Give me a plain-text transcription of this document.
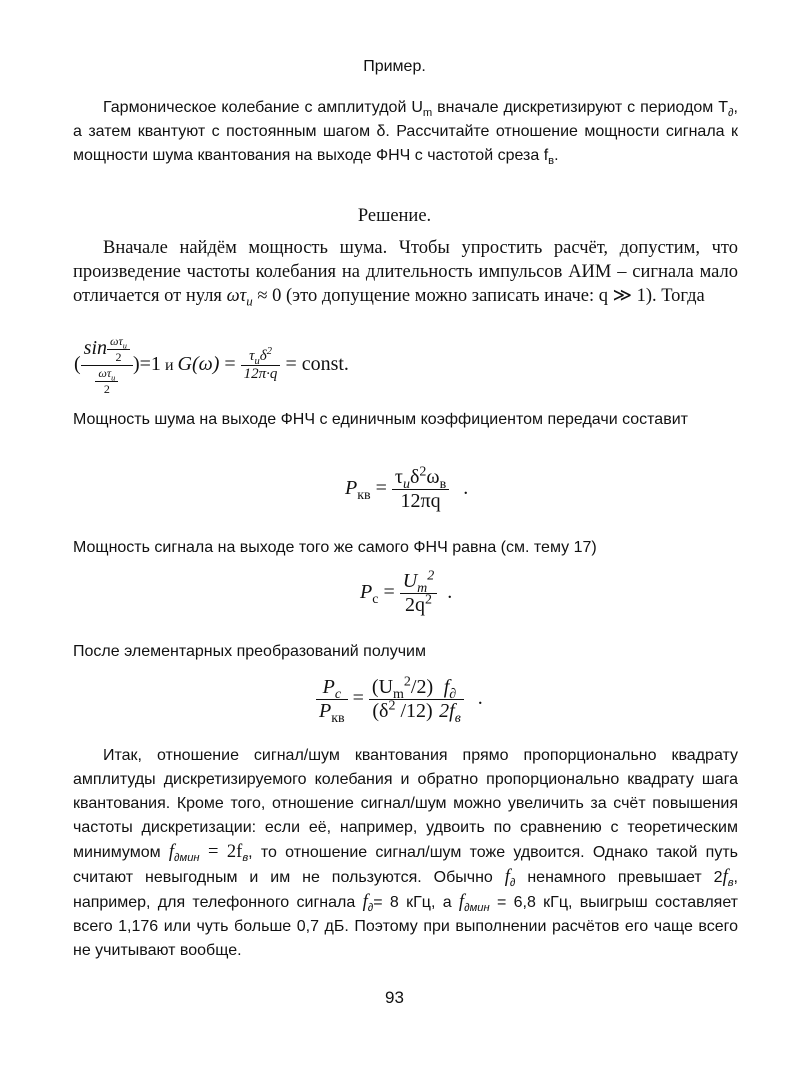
Пример.
Гармоническое колебание с амплитудой $U_m$ вначале дискретизируют с периодом $T_\partial$, а затем квантуют с постоянным шагом δ. Рассчитайте отношение мощности сигнала к мощности шума квантования на выходе ФНЧ с частотой среза $f_в$.
Решение.
Вначале найдём мощность шума. Чтобы упростить расчёт, допустим, что произведение частоты колебания на длительность импульсов АИМ – сигнала мало отличается от нуля $\omega\tau_и \approx 0$ (это допущение можно записать иначе: q ≫ 1). Тогда
( $\frac{\sin \frac{\omega\tau_и}{2}}{\frac{\omega\tau_и}{2}} )=1$ и $G(\omega) = \frac{\tau_и\delta^2}{12\pi\cdot q}$ = const.
Мощность шума на выходе ФНЧ с единичным коэффициентом передачи составит
$P_{кв} = \frac{\tau_u\delta^2\omega_в}{12\pi q}$ .
Мощность сигнала на выходе того же самого ФНЧ равна (см. тему 17)
$P_с = \frac{U_m^2}{2q^2}$ .
После элементарных преобразований получим
$\frac{P_c}{P_{кв}} = \frac{(U_m^2/2)}{(\delta^2 /12)} \frac{f_\partial}{2f_в}$ .
Итак, отношение сигнал/шум квантования прямо пропорционально квадрату амплитуды дискретизируемого колебания и обратно пропорционально квадрату шага квантования. Кроме того, отношение сигнал/шум можно увеличить за счёт повышения частоты дискретизации: если её, например, удвоить по сравнению с теоретическим минимумом $f_{\partial мин} = 2f_в$, то отношение сигнал/шум тоже удвоится. Однако такой путь считают невыгодным и им не пользуются. Обычно $f_\partial$ ненамного превышает $2f_в$, например, для телефонного сигнала $f_\partial= 8$ кГц, а $f_{\partial мин} = 6,8$ кГц, выигрыш составляет всего 1,176 или чуть больше 0,7 дБ. Поэтому при выполнении расчётов его чаще всего не учитывают вообще.
93
